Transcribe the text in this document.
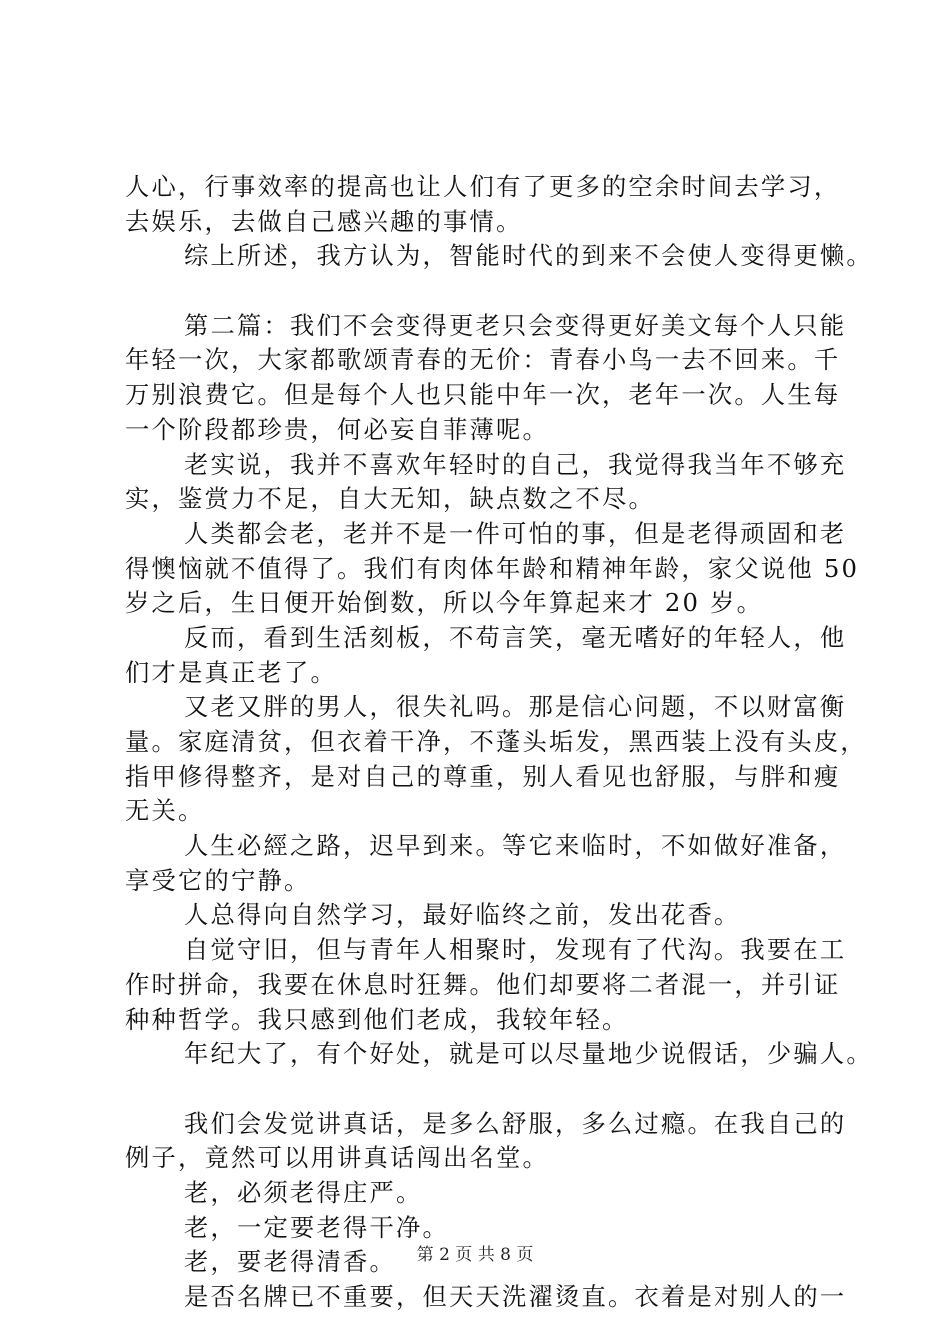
人心，行事效率的提高也让人们有了更多的空余时间去学习，
去娱乐，去做自己感兴趣的事情。
综上所述，我方认为，智能时代的到来不会使人变得更懒。
第二篇：我们不会变得更老只会变得更好美文每个人只能
年轻一次，大家都歌颂青春的无价：青春小鸟一去不回来。千
万别浪费它。但是每个人也只能中年一次，老年一次。人生每
一个阶段都珍贵，何必妄自菲薄呢。
老实说，我并不喜欢年轻时的自己，我觉得我当年不够充
实，鉴赏力不足，自大无知，缺点数之不尽。
人类都会老，老并不是一件可怕的事，但是老得顽固和老
得懊恼就不值得了。我们有肉体年龄和精神年龄，家父说他 50
岁之后，生日便开始倒数，所以今年算起来才 20 岁。
反而，看到生活刻板，不苟言笑，毫无嗜好的年轻人，他
们才是真正老了。
又老又胖的男人，很失礼吗。那是信心问题，不以财富衡
量。家庭清贫，但衣着干净，不蓬头垢发，黑西装上没有头皮，
指甲修得整齐，是对自己的尊重，别人看见也舒服，与胖和瘦
无关。
人生必經之路，迟早到来。等它来临时，不如做好准备，
享受它的宁静。
人总得向自然学习，最好临终之前，发出花香。
自觉守旧，但与青年人相聚时，发现有了代沟。我要在工
作时拼命，我要在休息时狂舞。他们却要将二者混一，并引证
种种哲学。我只感到他们老成，我较年轻。
年纪大了，有个好处，就是可以尽量地少说假话，少骗人。
我们会发觉讲真话，是多么舒服，多么过瘾。在我自己的
例子，竟然可以用讲真话闯出名堂。
老，必须老得庄严。
老，一定要老得干净。
老，要老得清香。
是否名牌已不重要，但天天洗濯烫直。衣着是对别人的一
第 2 页 共 8 页
